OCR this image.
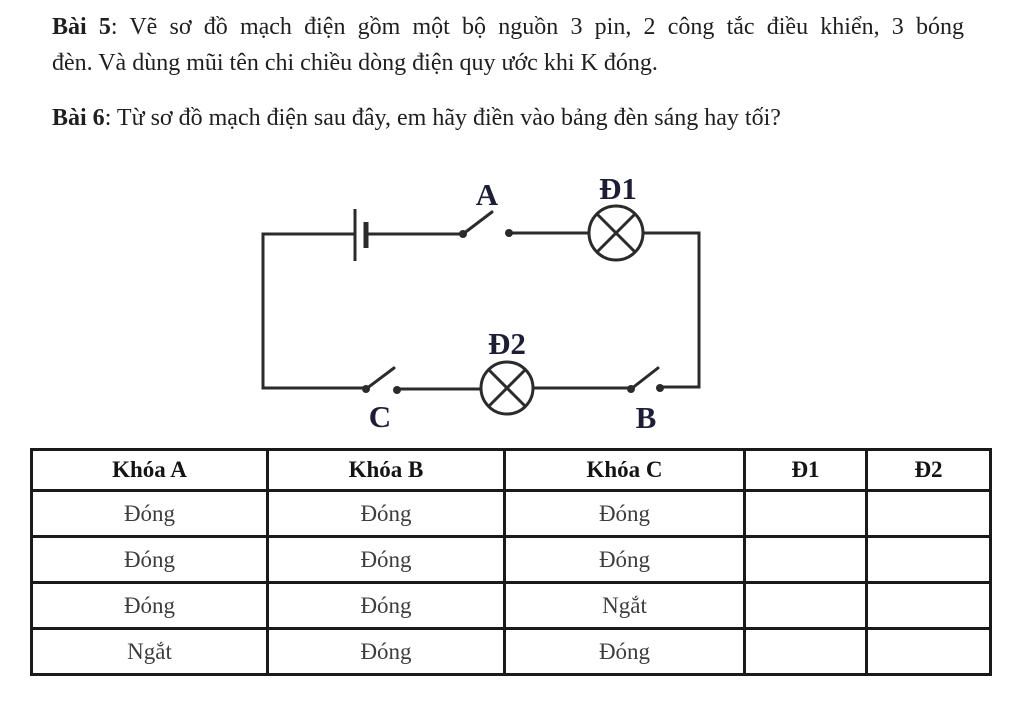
Bài 5: Vẽ sơ đồ mạch điện gồm một bộ nguồn 3 pin, 2 công tắc điều khiển, 3 bóng
đèn. Và dùng mũi tên chi chiều dòng điện quy ước khi K đóng.
Bài 6: Từ sơ đồ mạch điện sau đây, em hãy điền vào bảng đèn sáng hay tối?
A	Đ1
Đ2
C	B
Khóa A	Khóa B	Khóa C	Đ1	Đ2
Đóng	Đóng	Đóng		
Đóng	Đóng	Đóng		
Đóng	Đóng	Ngắt		
Ngắt	Đóng	Đóng		
